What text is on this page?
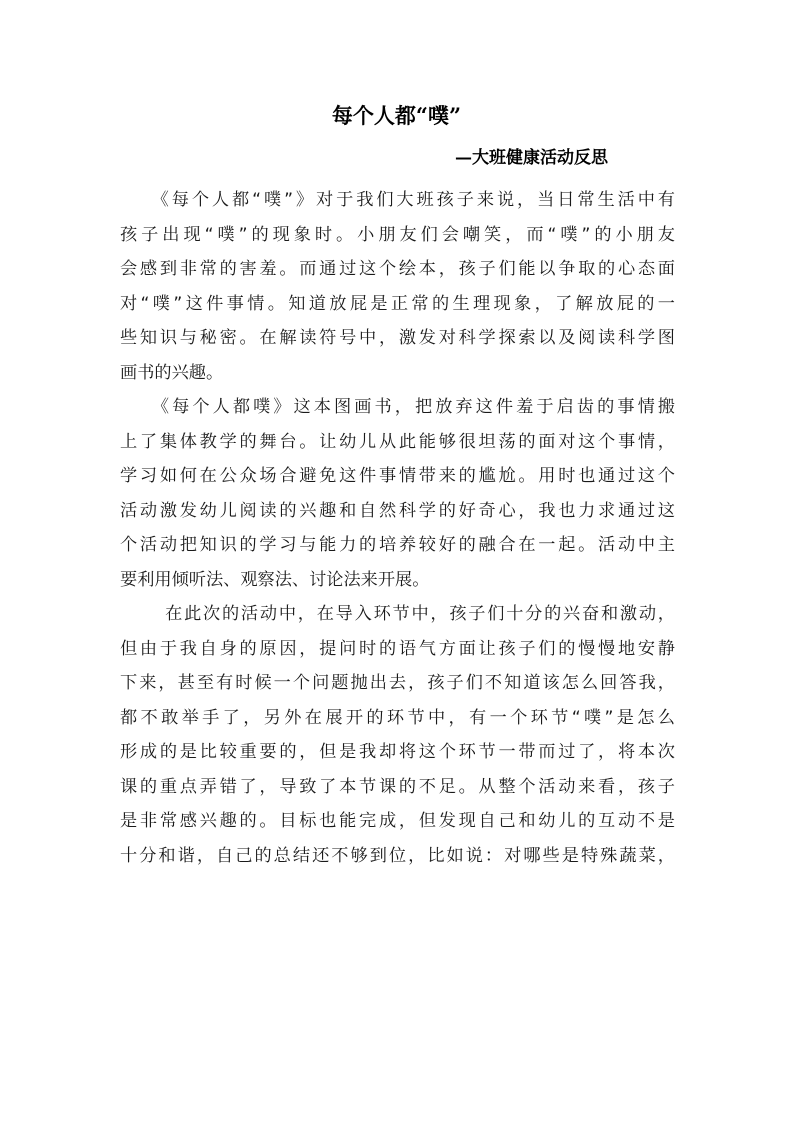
每个人都“噗”
—大班健康活动反思
　　《每个人都“噗”》对于我们大班孩子来说，当日常生活中有
孩子出现“噗”的现象时。小朋友们会嘲笑，而“噗”的小朋友
会感到非常的害羞。而通过这个绘本，孩子们能以争取的心态面
对“噗”这件事情。知道放屁是正常的生理现象，了解放屁的一
些知识与秘密。在解读符号中，激发对科学探索以及阅读科学图
画书的兴趣。
　　《每个人都噗》这本图画书，把放弃这件羞于启齿的事情搬
上了集体教学的舞台。让幼儿从此能够很坦荡的面对这个事情，
学习如何在公众场合避免这件事情带来的尴尬。用时也通过这个
活动激发幼儿阅读的兴趣和自然科学的好奇心，我也力求通过这
个活动把知识的学习与能力的培养较好的融合在一起。活动中主
要利用倾听法、观察法、讨论法来开展。
　　 在此次的活动中，在导入环节中，孩子们十分的兴奋和激动，
但由于我自身的原因，提问时的语气方面让孩子们的慢慢地安静
下来，甚至有时候一个问题抛出去，孩子们不知道该怎么回答我，
都不敢举手了，另外在展开的环节中，有一个环节“噗”是怎么
形成的是比较重要的，但是我却将这个环节一带而过了，将本次
课的重点弄错了，导致了本节课的不足。从整个活动来看，孩子
是非常感兴趣的。目标也能完成，但发现自己和幼儿的互动不是
十分和谐，自己的总结还不够到位，比如说：对哪些是特殊蔬菜，
